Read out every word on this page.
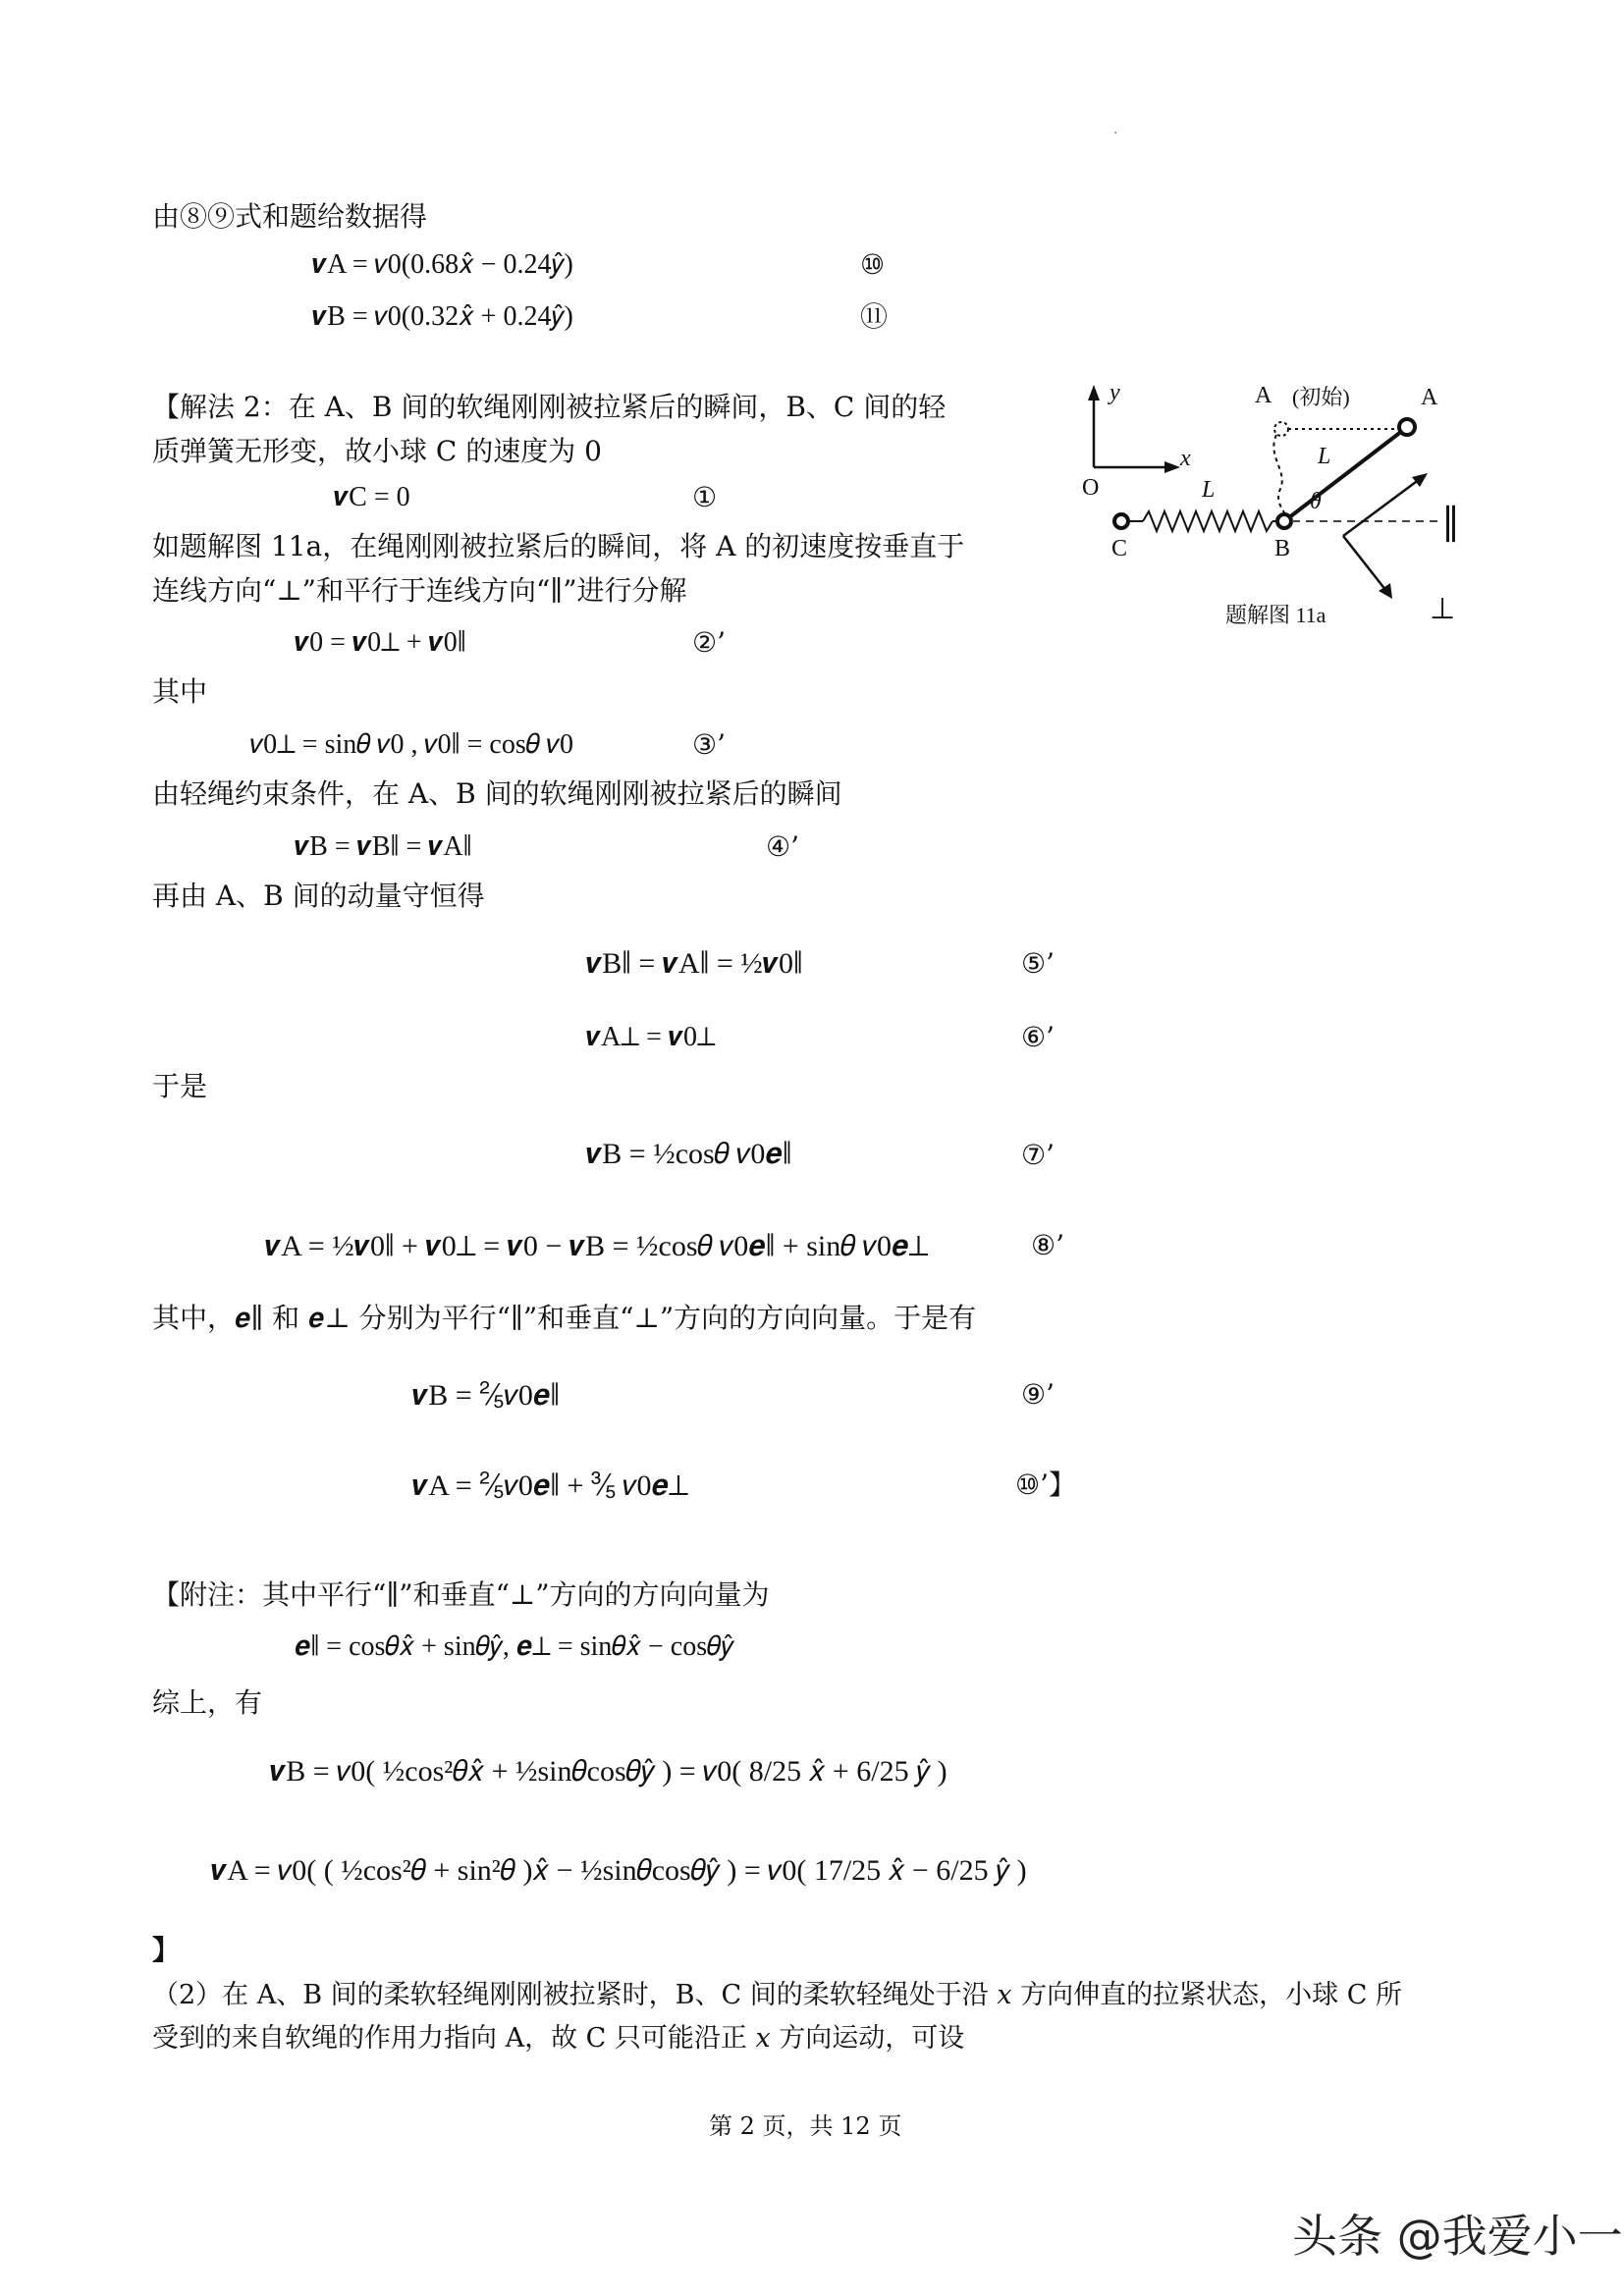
·
由⑧⑨式和题给数据得
𝒗A = 𝑣0(0.68𝑥̂ − 0.24𝑦̂)	⑩
𝒗B = 𝑣0(0.32𝑥̂ + 0.24𝑦̂)	⑪
【解法 2：在 A、B 间的软绳刚刚被拉紧后的瞬间，B、C 间的轻
质弹簧无形变，故小球 C 的速度为 0
𝒗C = 0	①
如题解图 11a，在绳刚刚被拉紧后的瞬间，将 A 的初速度按垂直于
连线方向“⊥”和平行于连线方向“∥”进行分解
𝒗0 = 𝒗0⊥ + 𝒗0∥	②’
其中
𝑣0⊥ = sin𝜃 𝑣0 , 𝑣0∥ = cos𝜃 𝑣0	③’
由轻绳约束条件，在 A、B 间的软绳刚刚被拉紧后的瞬间
𝒗B = 𝒗B∥ = 𝒗A∥	④’
再由 A、B 间的动量守恒得
𝒗B∥ = 𝒗A∥ = ½𝒗0∥	⑤’
𝒗A⊥ = 𝒗0⊥	⑥’
于是
𝒗B = ½cos𝜃 𝑣0𝒆∥	⑦’
𝒗A = ½𝒗0∥ + 𝒗0⊥ = 𝒗0 − 𝒗B = ½cos𝜃 𝑣0𝒆∥ + sin𝜃 𝑣0𝒆⊥	⑧’
其中，𝒆∥ 和 𝒆⊥ 分别为平行“∥”和垂直“⊥”方向的方向向量。于是有
𝒗B = ⅖𝑣0𝒆∥	⑨’
𝒗A = ⅖𝑣0𝒆∥ + ⅗ 𝑣0𝒆⊥	⑩’】
【附注：其中平行“∥”和垂直“⊥”方向的方向向量为
𝒆∥ = cos𝜃𝑥̂ + sin𝜃𝑦̂, 𝒆⊥ = sin𝜃𝑥̂ − cos𝜃𝑦̂
综上，有
𝒗B = 𝑣0( ½cos²𝜃𝑥̂ + ½sin𝜃cos𝜃𝑦̂ ) = 𝑣0( 8/25 𝑥̂ + 6/25 𝑦̂ )
𝒗A = 𝑣0( ( ½cos²𝜃 + sin²𝜃 )𝑥̂ − ½sin𝜃cos𝜃𝑦̂ ) = 𝑣0( 17/25 𝑥̂ − 6/25 𝑦̂ )
】
（2）在 A、B 间的柔软轻绳刚刚被拉紧时，B、C 间的柔软轻绳处于沿 𝑥 方向伸直的拉紧状态，小球 C 所
受到的来自软绳的作用力指向 A，故 C 只可能沿正 𝑥 方向运动，可设
第 2 页，共 12 页
头条 @我爱小一
y
x
O
A (初始)	A
L
θ
L
C	B
∥
⊥
题解图 11a
